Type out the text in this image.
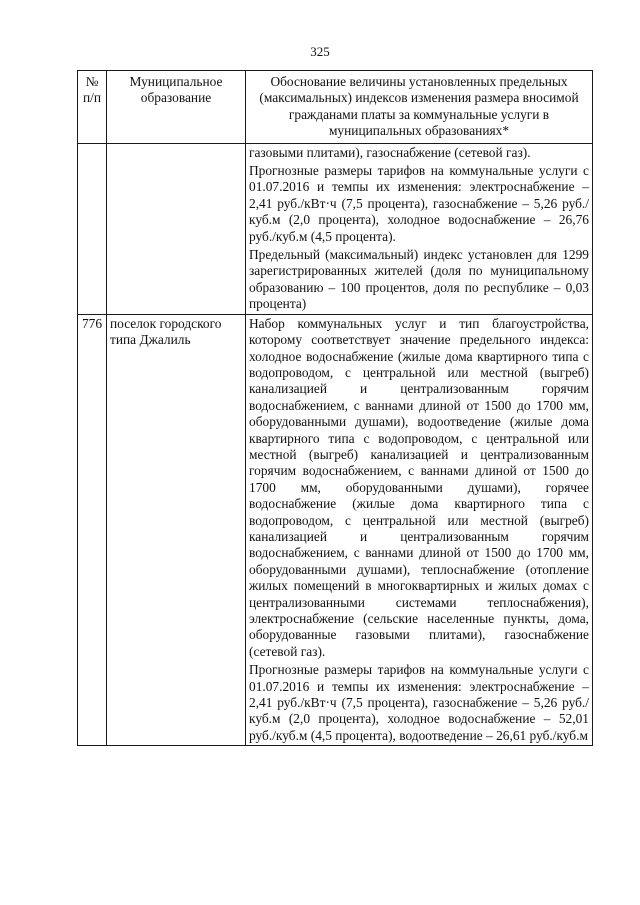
325
№ п/п	Муниципальное образование	Обоснование величины установленных предельных (максимальных) индексов изменения размера вносимой гражданами платы за коммунальные услуги в муниципальных образованиях*

		газовыми плитами), газоснабжение (сетевой газ).

Прогнозные размеры тарифов на коммунальные услуги с 01.07.2016 и темпы их изменения: электроснабжение – 2,41 руб./кВт·ч (7,5 процента), газоснабжение – 5,26 руб./куб.м (2,0 процента), холодное водоснабжение – 26,76 руб./куб.м (4,5 процента).

Предельный (максимальный) индекс установлен для 1299 зарегистрированных жителей (доля по муниципальному образованию – 100 процентов, доля по республике – 0,03 процента)

776	поселок городского типа Джалиль	Набор коммунальных услуг и тип благоустройства, которому соответствует значение предельного индекса: холодное водоснабжение (жилые дома квартирного типа с водопроводом, с центральной или местной (выгреб) канализацией и централизованным горячим водоснабжением, с ваннами длиной от 1500 до 1700 мм, оборудованными душами), водоотведение (жилые дома квартирного типа с водопроводом, с центральной или местной (выгреб) канализацией и централизованным горячим водоснабжением, с ваннами длиной от 1500 до 1700 мм, оборудованными душами), горячее водоснабжение (жилые дома квартирного типа с водопроводом, с центральной или местной (выгреб) канализацией и централизованным горячим водоснабжением, с ваннами длиной от 1500 до 1700 мм, оборудованными душами), теплоснабжение (отопление жилых помещений в многоквартирных и жилых домах с централизованными системами теплоснабжения), электроснабжение (сельские населенные пункты, дома, оборудованные газовыми плитами), газоснабжение (сетевой газ).

Прогнозные размеры тарифов на коммунальные услуги с 01.07.2016 и темпы их изменения: электроснабжение – 2,41 руб./кВт·ч (7,5 процента), газоснабжение – 5,26 руб./куб.м (2,0 процента), холодное водоснабжение – 52,01 руб./куб.м (4,5 процента), водоотведение – 26,61 руб./куб.м
